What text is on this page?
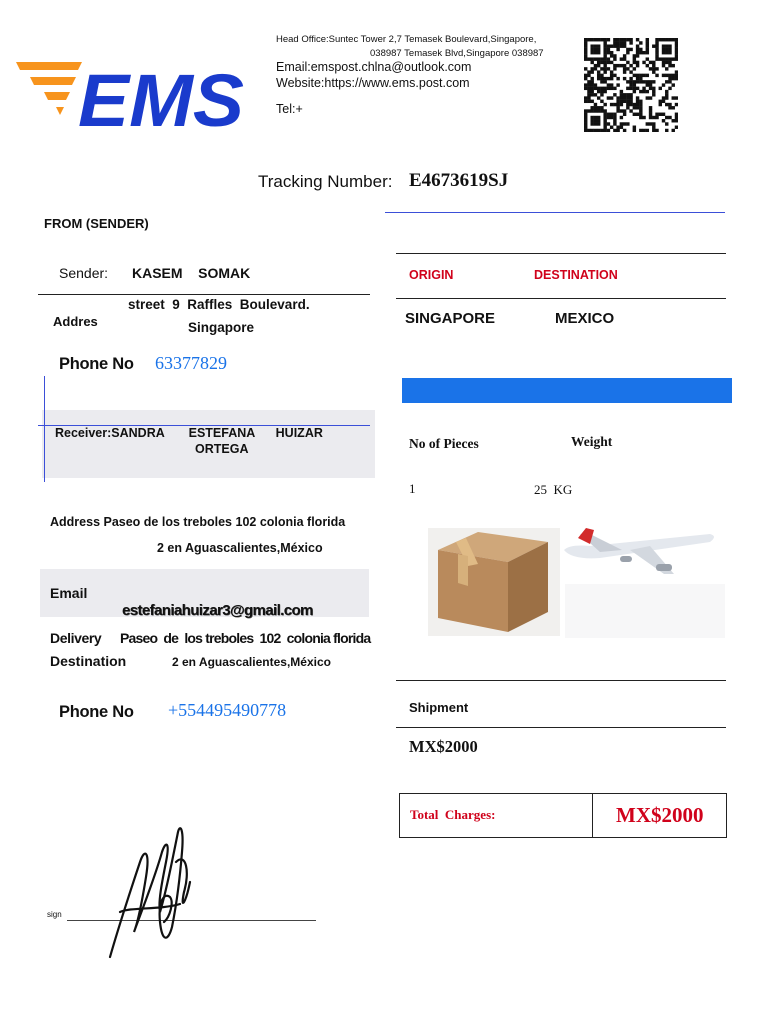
EMS
Head Office:Suntec Tower 2,7 Temasek Boulevard,Singapore,
038987 Temasek Blvd,Singapore 038987
Email:emspost.chlna@outlook.com
Website:https://www.ems.post.com
Tel:+
Tracking Number: E4673619SJ
FROM (SENDER)
Sender: KASEM    SOMAK
Addres
street  9  Raffles  Boulevard.
Singapore
Phone No 63377829
Receiver:SANDRA       ESTEFANA      HUIZAR
ORTEGA
Address Paseo de los treboles 102 colonia florida
2 en Aguascalientes,México
Email
estefaniahuizar3@gmail.com
Delivery
Destination
Paseo  de  los treboles  102  colonia florida
2 en Aguascalientes,México
Phone No +554495490778
ORIGIN	DESTINATION
SINGAPORE	MEXICO
No of Pieces	Weight
1	25  KG
Shipment
MX$2000
Total  Charges:	MX$2000
sign
